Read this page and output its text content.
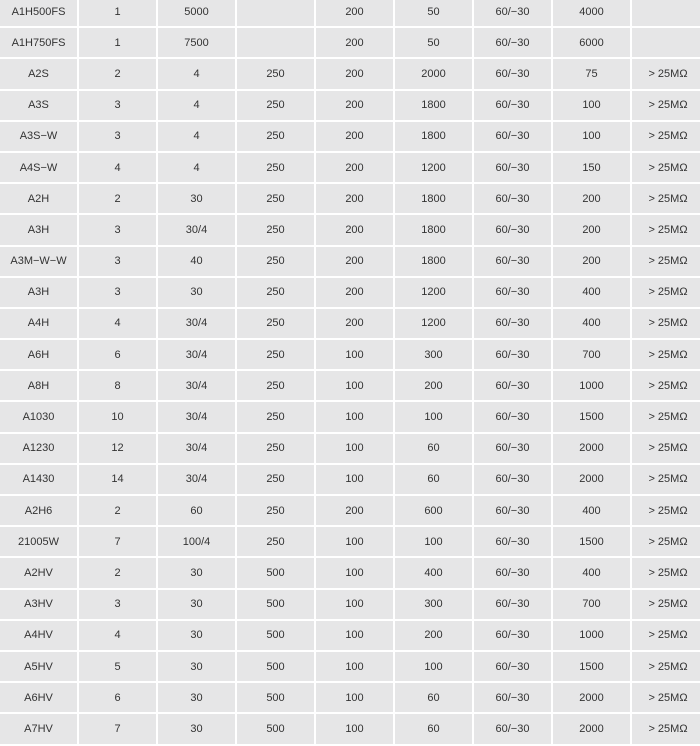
A1H500FS	1	5000		200	50	60/−30	4000	
A1H750FS	1	7500		200	50	60/−30	6000	
A2S	2	4	250	200	2000	60/−30	75	> 25MΩ
A3S	3	4	250	200	1800	60/−30	100	> 25MΩ
A3S−W	3	4	250	200	1800	60/−30	100	> 25MΩ
A4S−W	4	4	250	200	1200	60/−30	150	> 25MΩ
A2H	2	30	250	200	1800	60/−30	200	> 25MΩ
A3H	3	30/4	250	200	1800	60/−30	200	> 25MΩ
A3M−W−W	3	40	250	200	1800	60/−30	200	> 25MΩ
A3H	3	30	250	200	1200	60/−30	400	> 25MΩ
A4H	4	30/4	250	200	1200	60/−30	400	> 25MΩ
A6H	6	30/4	250	100	300	60/−30	700	> 25MΩ
A8H	8	30/4	250	100	200	60/−30	1000	> 25MΩ
A1030	10	30/4	250	100	100	60/−30	1500	> 25MΩ
A1230	12	30/4	250	100	60	60/−30	2000	> 25MΩ
A1430	14	30/4	250	100	60	60/−30	2000	> 25MΩ
A2H6	2	60	250	200	600	60/−30	400	> 25MΩ
21005W	7	100/4	250	100	100	60/−30	1500	> 25MΩ
A2HV	2	30	500	100	400	60/−30	400	> 25MΩ
A3HV	3	30	500	100	300	60/−30	700	> 25MΩ
A4HV	4	30	500	100	200	60/−30	1000	> 25MΩ
A5HV	5	30	500	100	100	60/−30	1500	> 25MΩ
A6HV	6	30	500	100	60	60/−30	2000	> 25MΩ
A7HV	7	30	500	100	60	60/−30	2000	> 25MΩ
